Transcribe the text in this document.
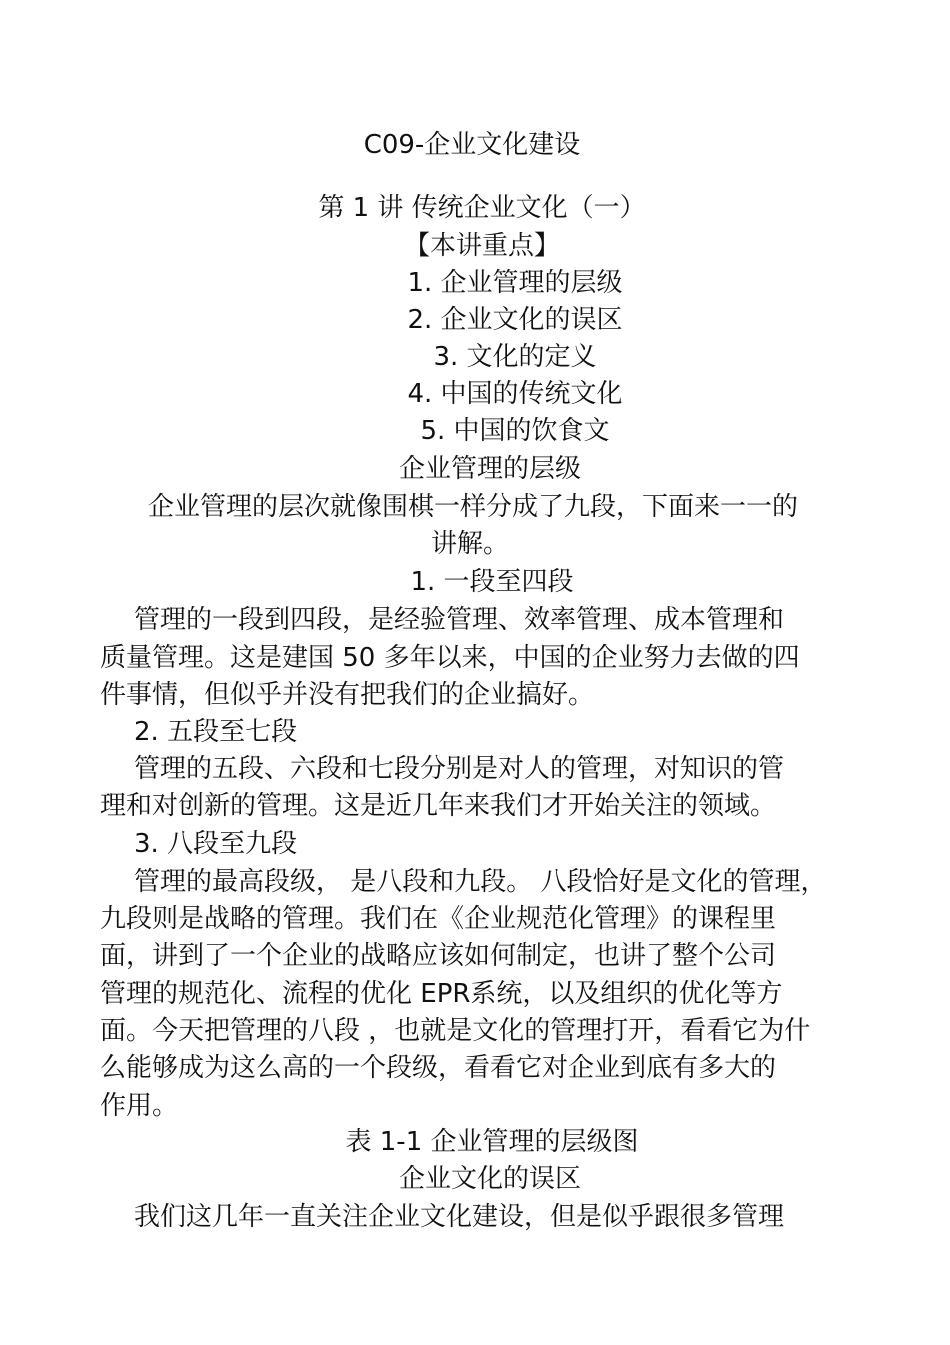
C09-企业文化建设
第 1 讲 传统企业文化（一）
【本讲重点】
1. 企业管理的层级
2. 企业文化的误区
3. 文化的定义
4. 中国的传统文化
5. 中国的饮食文
企业管理的层级
企业管理的层次就像围棋一样分成了九段，下面来一一的
讲解。
1. 一段至四段
管理的一段到四段，是经验管理、效率管理、成本管理和
质量管理。这是建国 50 多年以来，中国的企业努力去做的四
件事情，但似乎并没有把我们的企业搞好。
2. 五段至七段
管理的五段、六段和七段分别是对人的管理，对知识的管
理和对创新的管理。这是近几年来我们才开始关注的领域。
3. 八段至九段
管理的最高段级， 是八段和九段。 八段恰好是文化的管理，
九段则是战略的管理。我们在《企业规范化管理》的课程里
面，讲到了一个企业的战略应该如何制定，也讲了整个公司
管理的规范化、流程的优化 EPR系统，以及组织的优化等方
面。今天把管理的八段 ，也就是文化的管理打开，看看它为什
么能够成为这么高的一个段级，看看它对企业到底有多大的
作用。
表 1-1 企业管理的层级图
企业文化的误区
我们这几年一直关注企业文化建设，但是似乎跟很多管理
